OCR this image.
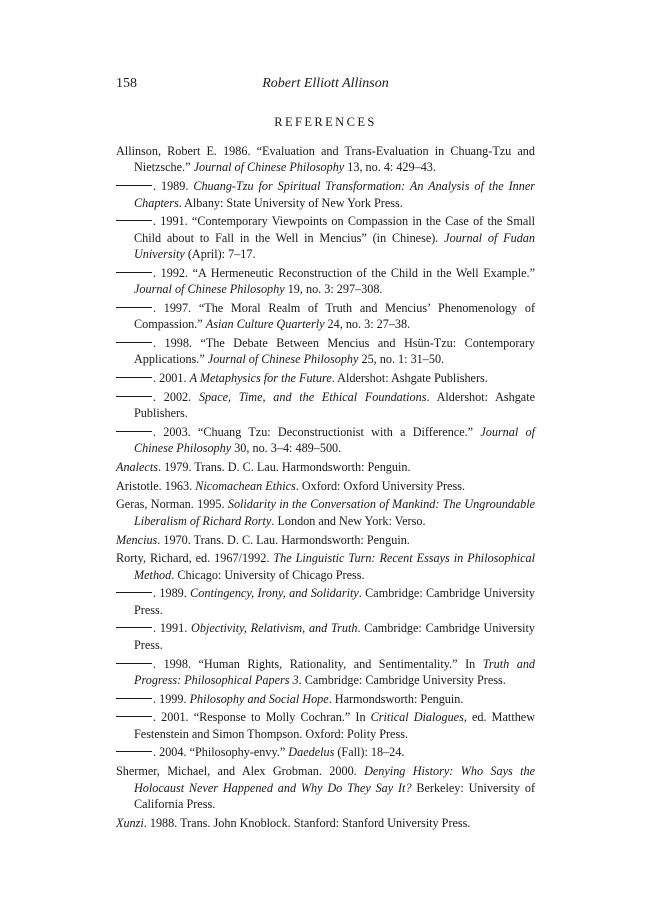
158	Robert Elliott Allinson
REFERENCES
Allinson, Robert E. 1986. “Evaluation and Trans-Evaluation in Chuang-Tzu and Nietzsche.” Journal of Chinese Philosophy 13, no. 4: 429–43.
. 1989. Chuang-Tzu for Spiritual Transformation: An Analysis of the Inner Chapters. Albany: State University of New York Press.
. 1991. “Contemporary Viewpoints on Compassion in the Case of the Small Child about to Fall in the Well in Mencius” (in Chinese). Journal of Fudan University (April): 7–17.
. 1992. “A Hermeneutic Reconstruction of the Child in the Well Example.” Journal of Chinese Philosophy 19, no. 3: 297–308.
. 1997. “The Moral Realm of Truth and Mencius’ Phenomenology of Compassion.” Asian Culture Quarterly 24, no. 3: 27–38.
. 1998. “The Debate Between Mencius and Hsün-Tzu: Contemporary Applications.” Journal of Chinese Philosophy 25, no. 1: 31–50.
. 2001. A Metaphysics for the Future. Aldershot: Ashgate Publishers.
. 2002. Space, Time, and the Ethical Foundations. Aldershot: Ashgate Publishers.
. 2003. “Chuang Tzu: Deconstructionist with a Difference.” Journal of Chinese Philosophy 30, no. 3–4: 489–500.
Analects. 1979. Trans. D. C. Lau. Harmondsworth: Penguin.
Aristotle. 1963. Nicomachean Ethics. Oxford: Oxford University Press.
Geras, Norman. 1995. Solidarity in the Conversation of Mankind: The Ungroundable Liberalism of Richard Rorty. London and New York: Verso.
Mencius. 1970. Trans. D. C. Lau. Harmondsworth: Penguin.
Rorty, Richard, ed. 1967/1992. The Linguistic Turn: Recent Essays in Philosophical Method. Chicago: University of Chicago Press.
. 1989. Contingency, Irony, and Solidarity. Cambridge: Cambridge University Press.
. 1991. Objectivity, Relativism, and Truth. Cambridge: Cambridge University Press.
. 1998. “Human Rights, Rationality, and Sentimentality.” In Truth and Progress: Philosophical Papers 3. Cambridge: Cambridge University Press.
. 1999. Philosophy and Social Hope. Harmondsworth: Penguin.
. 2001. “Response to Molly Cochran.” In Critical Dialogues, ed. Matthew Festenstein and Simon Thompson. Oxford: Polity Press.
. 2004. “Philosophy-envy.” Daedelus (Fall): 18–24.
Shermer, Michael, and Alex Grobman. 2000. Denying History: Who Says the Holocaust Never Happened and Why Do They Say It? Berkeley: University of California Press.
Xunzi. 1988. Trans. John Knoblock. Stanford: Stanford University Press.
